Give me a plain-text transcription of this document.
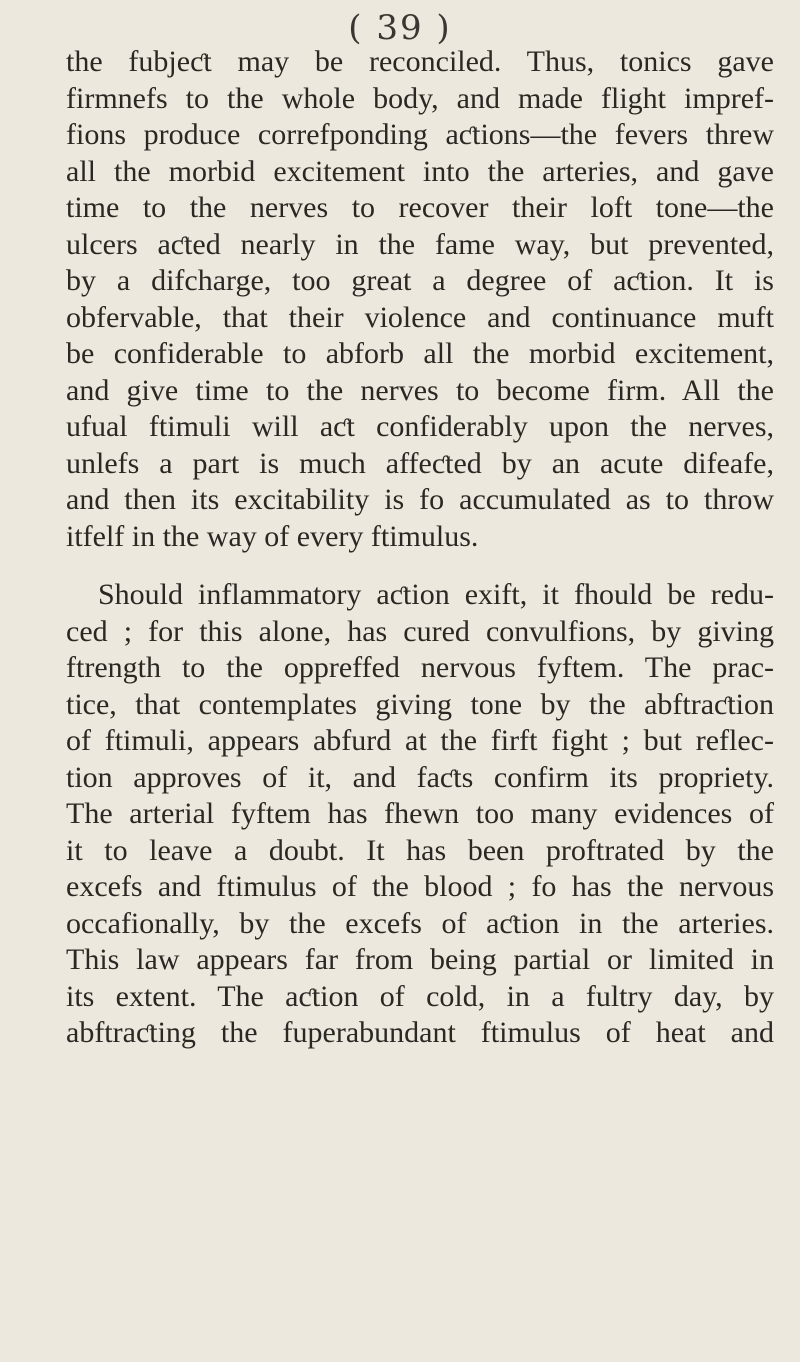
( 39 )
the fubjeƈt may be reconciled. Thus, tonics gave
firmnefs to the whole body, and made flight impref-
fions produce correfponding aƈtions—the fevers threw
all the morbid excitement into the arteries, and gave
time to the nerves to recover their loft tone—the
ulcers aƈted nearly in the fame way, but prevented,
by a difcharge, too great a degree of aƈtion. It is
obfervable, that their violence and continuance muft
be confiderable to abforb all the morbid excitement,
and give time to the nerves to become firm. All the
ufual ftimuli will aƈt confiderably upon the nerves,
unlefs a part is much affeƈted by an acute difeafe,
and then its excitability is fo accumulated as to throw
itfelf in the way of every ftimulus.
Should inflammatory aƈtion exift, it fhould be redu-
ced ; for this alone, has cured convulfions, by giving
ftrength to the oppreffed nervous fyftem. The prac-
tice, that contemplates giving tone by the abftraƈtion
of ftimuli, appears abfurd at the firft fight ; but reflec-
tion approves of it, and faƈts confirm its propriety.
The arterial fyftem has fhewn too many evidences of
it to leave a doubt. It has been proftrated by the
excefs and ftimulus of the blood ; fo has the nervous
occafionally, by the excefs of aƈtion in the arteries.
This law appears far from being partial or limited in
its extent. The aƈtion of cold, in a fultry day, by
abftraƈting the fuperabundant ftimulus of heat and
